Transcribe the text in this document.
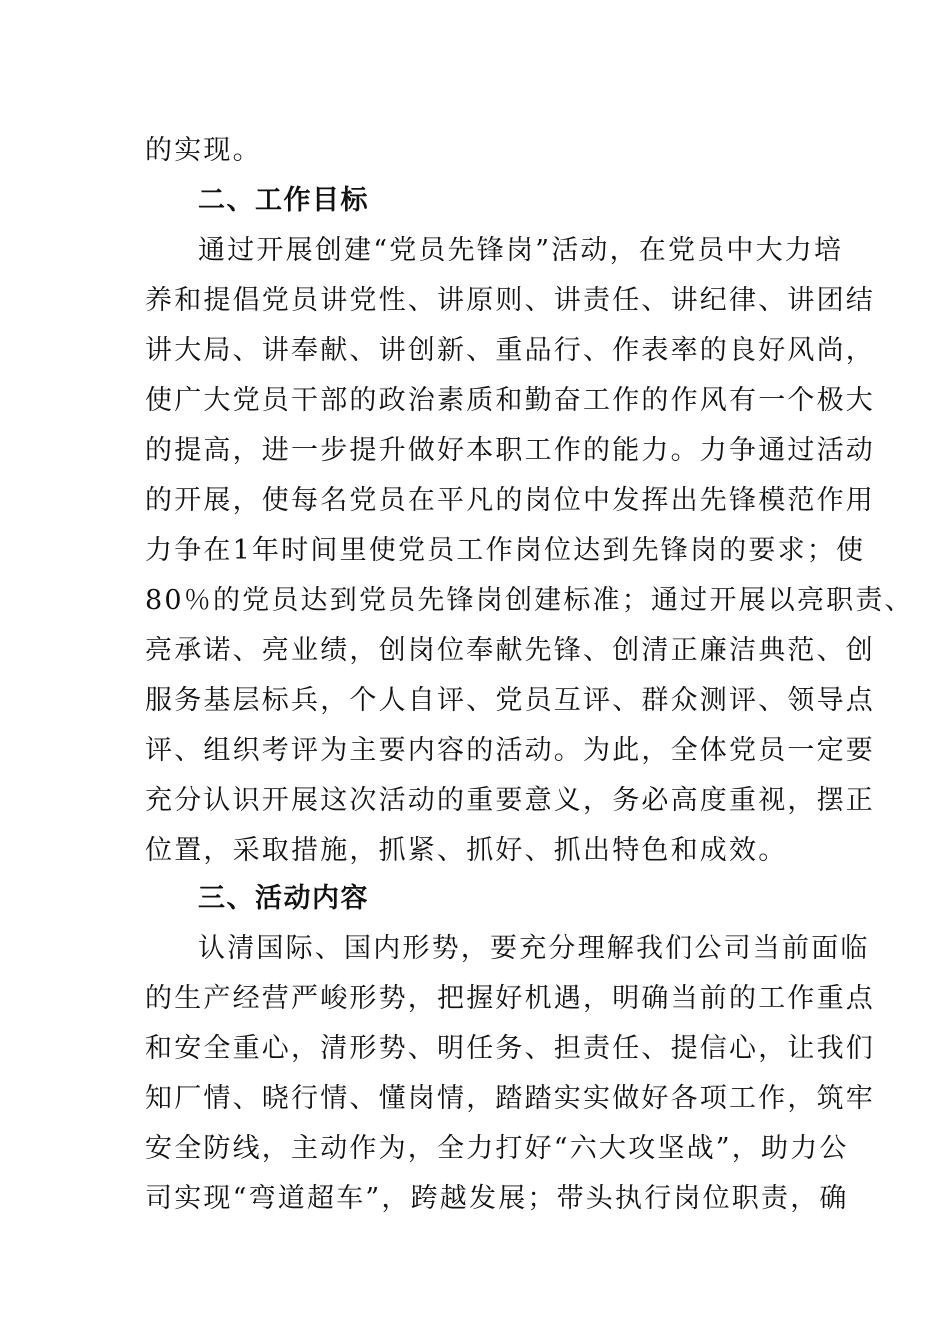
的实现。
二、工作目标
通过开展创建“党员先锋岗”活动，在党员中大力培
养和提倡党员讲党性、讲原则、讲责任、讲纪律、讲团结
讲大局、讲奉献、讲创新、重品行、作表率的良好风尚，
使广大党员干部的政治素质和勤奋工作的作风有一个极大
的提高，进一步提升做好本职工作的能力。力争通过活动
的开展，使每名党员在平凡的岗位中发挥出先锋模范作用
力争在1年时间里使党员工作岗位达到先锋岗的要求；使
80％的党员达到党员先锋岗创建标准；通过开展以亮职责、
亮承诺、亮业绩，创岗位奉献先锋、创清正廉洁典范、创
服务基层标兵，个人自评、党员互评、群众测评、领导点
评、组织考评为主要内容的活动。为此，全体党员一定要
充分认识开展这次活动的重要意义，务必高度重视，摆正
位置，采取措施，抓紧、抓好、抓出特色和成效。
三、活动内容
认清国际、国内形势，要充分理解我们公司当前面临
的生产经营严峻形势，把握好机遇，明确当前的工作重点
和安全重心，清形势、明任务、担责任、提信心，让我们
知厂情、晓行情、懂岗情，踏踏实实做好各项工作，筑牢
安全防线，主动作为，全力打好“六大攻坚战”，助力公
司实现“弯道超车”，跨越发展；带头执行岗位职责，确
